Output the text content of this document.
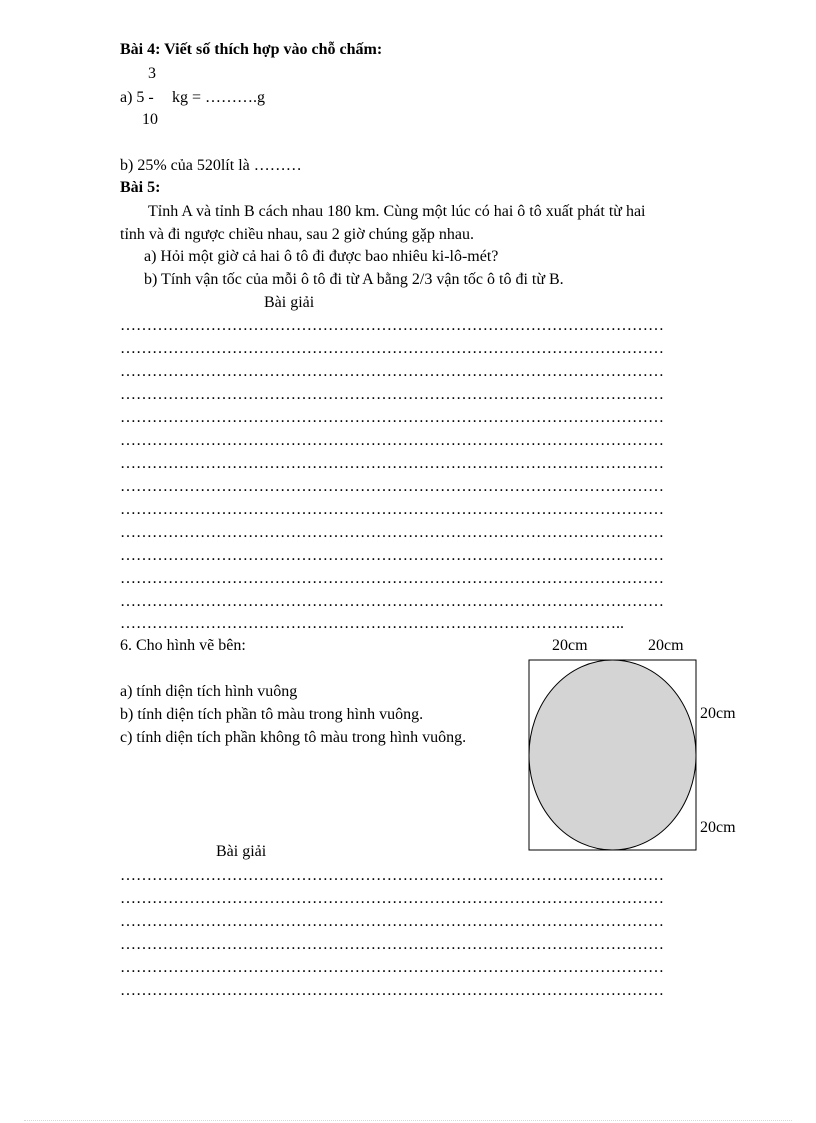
Bài 4: Viết số thích hợp vào chỗ chấm:
3
a) 5 - kg = ……….g
10
b) 25% của 520lít là ………
Bài 5:
Tỉnh A và tỉnh B cách nhau 180 km. Cùng một lúc có hai ô tô xuất phát từ hai
tỉnh và đi ngược chiều nhau, sau 2 giờ chúng gặp nhau.
a) Hỏi một giờ cả hai ô tô đi được bao nhiêu ki-lô-mét?
b) Tính vận tốc của mỗi ô tô đi từ A bằng 2/3 vận tốc ô tô đi từ B.
Bài giải
…………………………………………………………………………………………
…………………………………………………………………………………………
…………………………………………………………………………………………
…………………………………………………………………………………………
…………………………………………………………………………………………
…………………………………………………………………………………………
…………………………………………………………………………………………
…………………………………………………………………………………………
…………………………………………………………………………………………
…………………………………………………………………………………………
…………………………………………………………………………………………
…………………………………………………………………………………………
…………………………………………………………………………………………
…………………………………………………………………………………..
6. Cho hình vẽ bên:
a) tính diện tích hình vuông
b) tính diện tích phần tô màu trong hình vuông.
c) tính diện tích phần không tô màu trong hình vuông.
20cm	20cm
20cm
20cm
Bài giải
…………………………………………………………………………………………
…………………………………………………………………………………………
…………………………………………………………………………………………
…………………………………………………………………………………………
…………………………………………………………………………………………
…………………………………………………………………………………………
